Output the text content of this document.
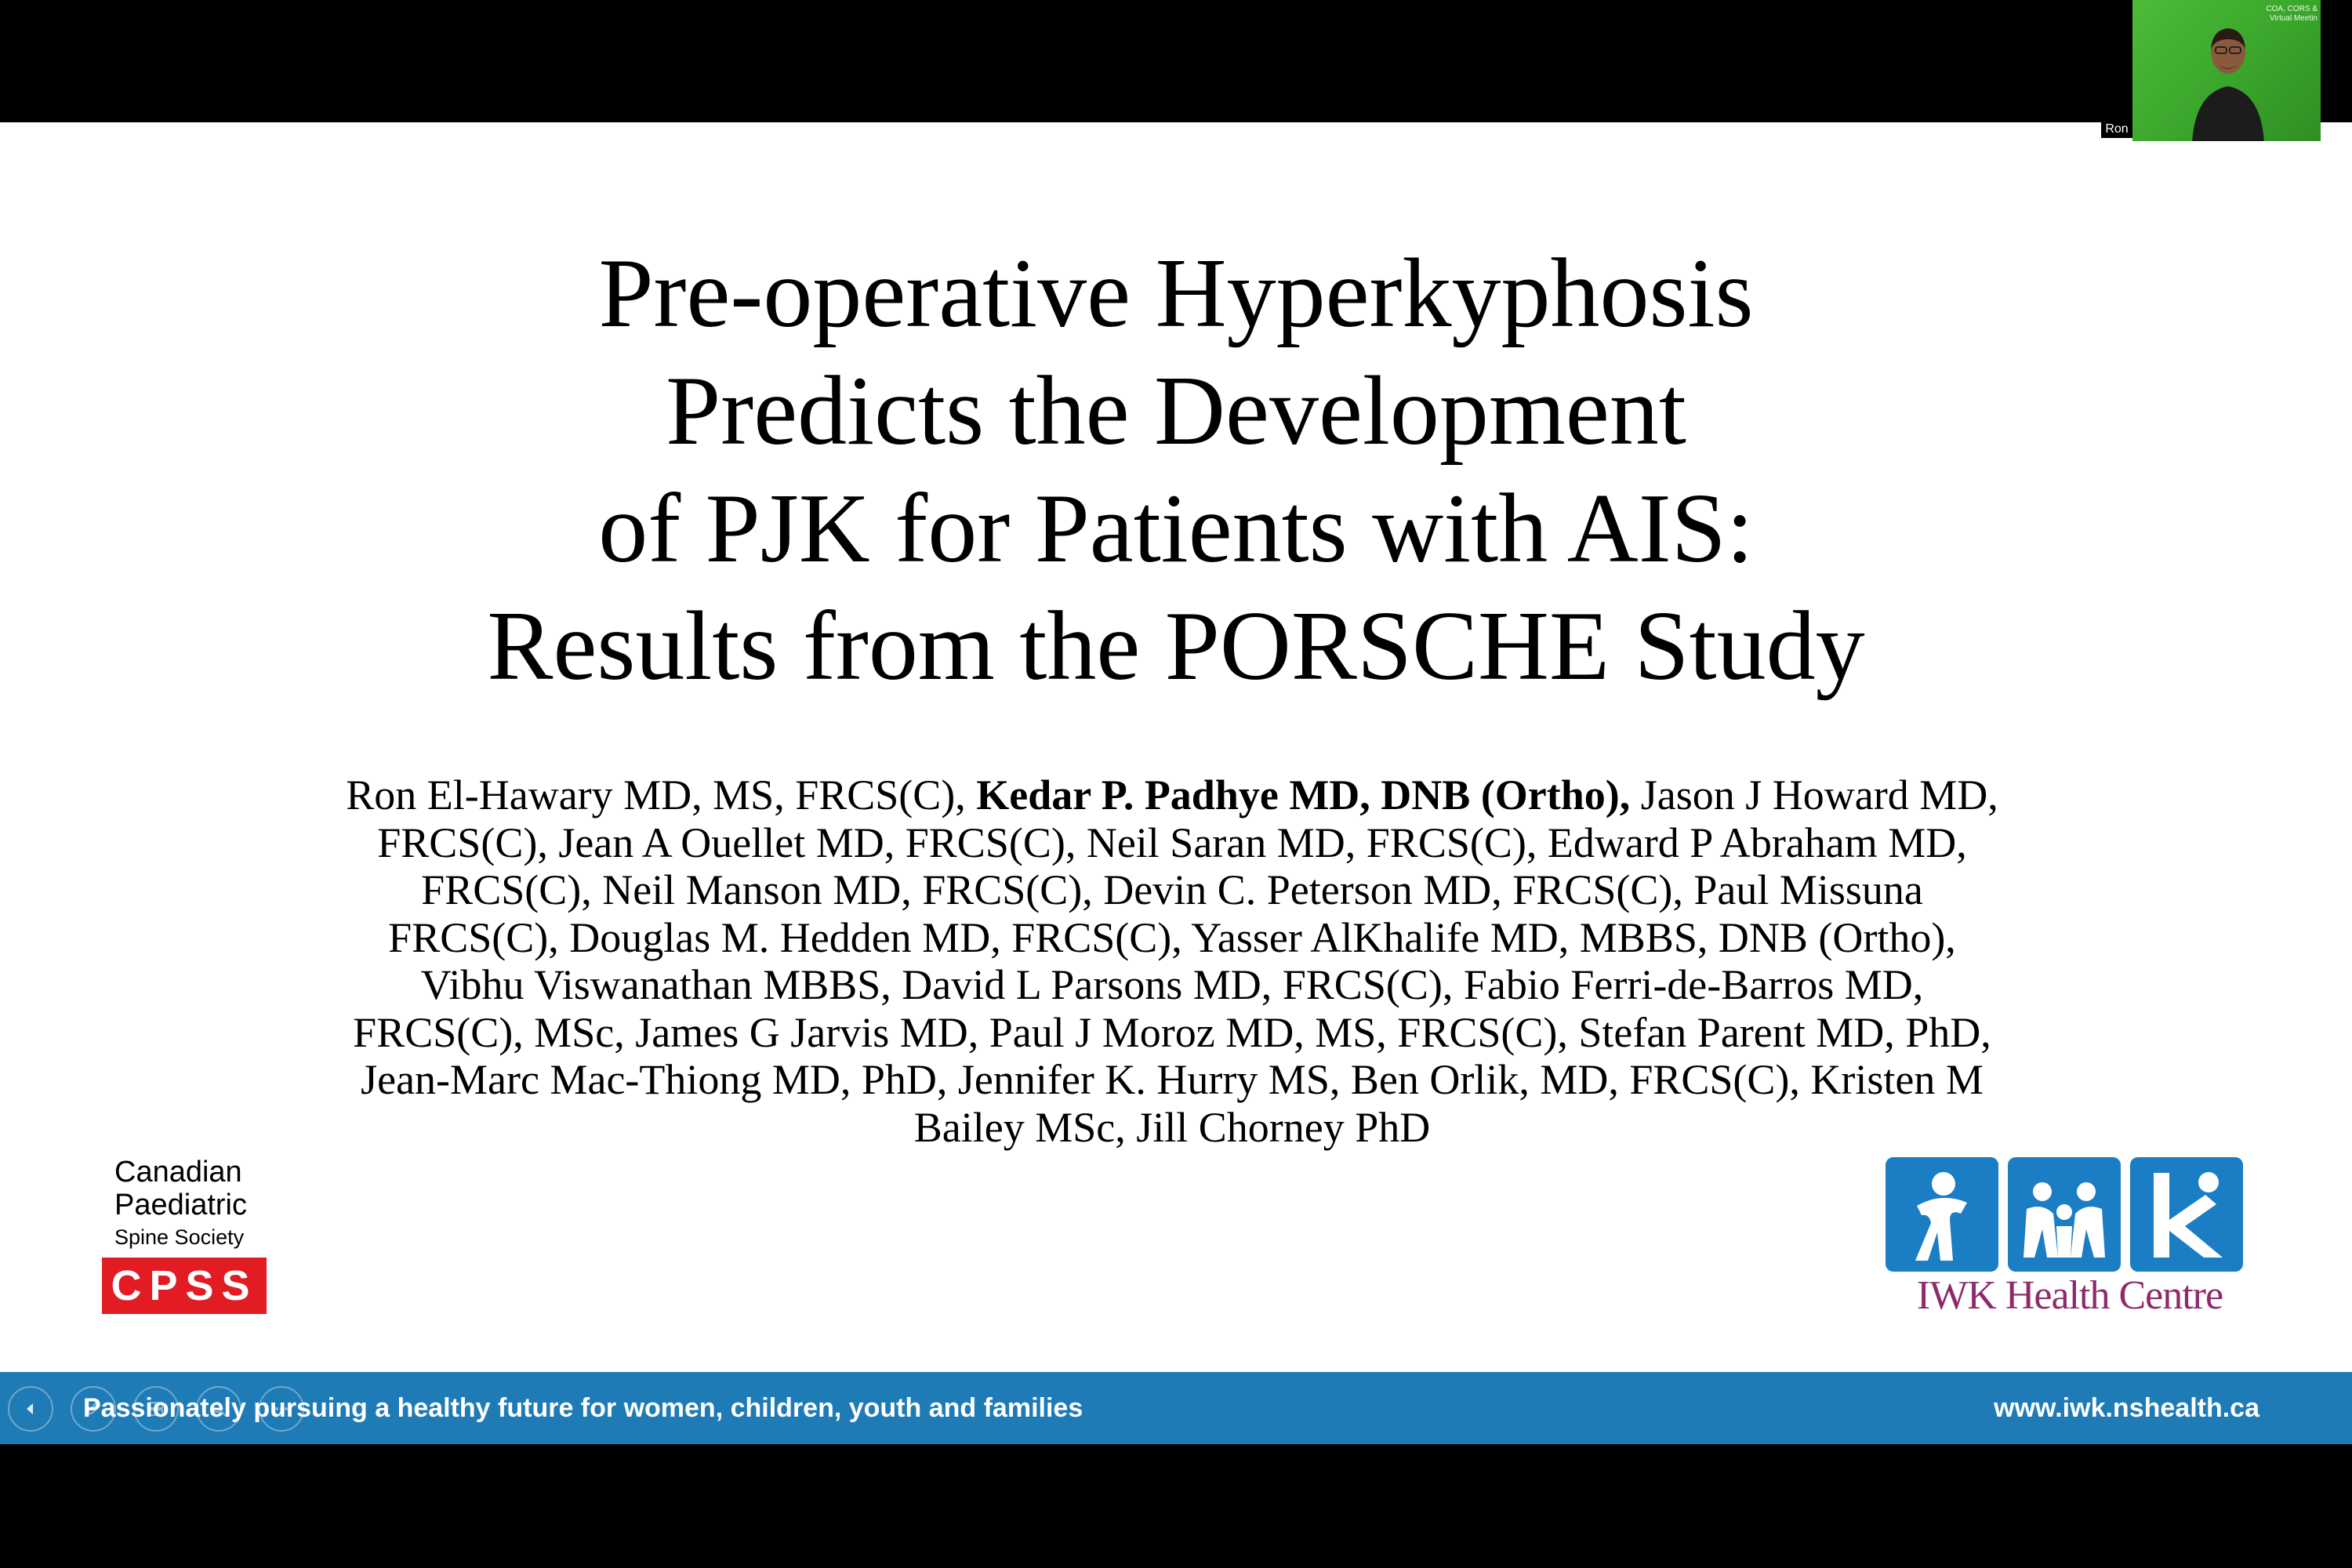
Pre-operative Hyperkyphosis
Predicts the Development
of PJK for Patients with AIS:
Results from the PORSCHE Study
Ron El-Hawary MD, MS, FRCS(C), Kedar P. Padhye MD, DNB (Ortho), Jason J Howard MD, FRCS(C), Jean A Ouellet MD, FRCS(C), Neil Saran MD, FRCS(C), Edward P Abraham MD, FRCS(C), Neil Manson MD, FRCS(C), Devin C. Peterson MD, FRCS(C), Paul Missuna FRCS(C), Douglas M. Hedden MD, FRCS(C), Yasser AlKhalife MD, MBBS, DNB (Ortho), Vibhu Viswanathan MBBS, David L Parsons MD, FRCS(C), Fabio Ferri-de-Barros MD, FRCS(C), MSc, James G Jarvis MD, Paul J Moroz MD, MS, FRCS(C), Stefan Parent MD, PhD, Jean-Marc Mac-Thiong MD, PhD, Jennifer K. Hurry MS, Ben Orlik, MD, FRCS(C), Kristen M Bailey MSc, Jill Chorney PhD
Canadian
Paediatric
Spine Society
CPSS	IWK Health Centre
Passionately pursuing a healthy future for women, children, youth and families	www.iwk.nshealth.ca
COA, CORS &
Virtual Meetin
Ron
